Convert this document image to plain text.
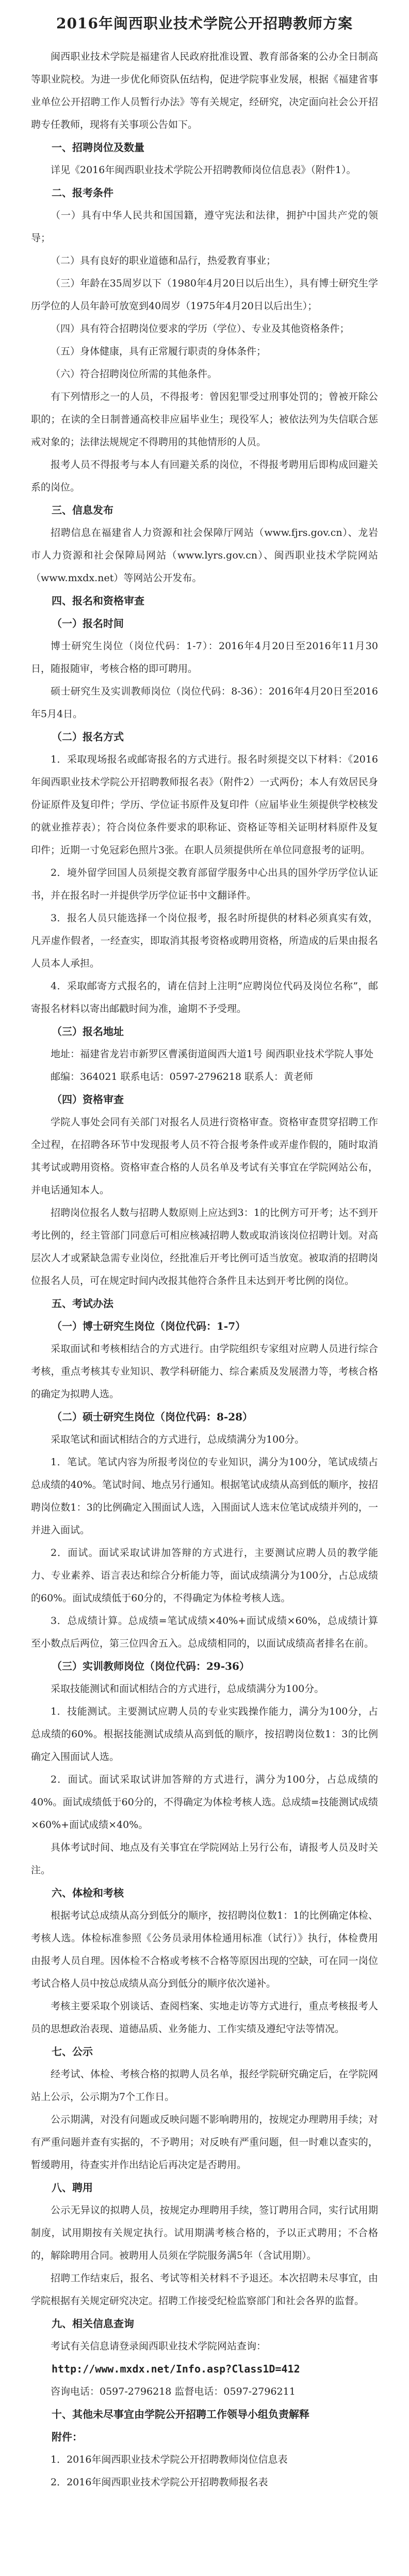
2016年闽西职业技术学院公开招聘教师方案

闽西职业技术学院是福建省人民政府批准设置、教育部备案的公办全日制高等职业院校。为进一步优化师资队伍结构，促进学院事业发展，根据《福建省事业单位公开招聘工作人员暂行办法》等有关规定，经研究，决定面向社会公开招聘专任教师，现将有关事项公告如下。

一、招聘岗位及数量

详见《2016年闽西职业技术学院公开招聘教师岗位信息表》（附件1）。

二、报考条件

（一）具有中华人民共和国国籍，遵守宪法和法律，拥护中国共产党的领导；

（二）具有良好的职业道德和品行，热爱教育事业；

（三）年龄在35周岁以下（1980年4月20日以后出生），具有博士研究生学历学位的人员年龄可放宽到40周岁（1975年4月20日以后出生）；

（四）具有符合招聘岗位要求的学历（学位）、专业及其他资格条件；

（五）身体健康，具有正常履行职责的身体条件；

（六）符合招聘岗位所需的其他条件。

有下列情形之一的人员，不得报考：曾因犯罪受过刑事处罚的；曾被开除公职的；在读的全日制普通高校非应届毕业生；现役军人；被依法列为失信联合惩戒对象的；法律法规规定不得聘用的其他情形的人员。

报考人员不得报考与本人有回避关系的岗位，不得报考聘用后即构成回避关系的岗位。

三、信息发布

招聘信息在福建省人力资源和社会保障厅网站（www.fjrs.gov.cn）、龙岩市人力资源和社会保障局网站（www.lyrs.gov.cn）、闽西职业技术学院网站（www.mxdx.net）等网站公开发布。

四、报名和资格审查

（一）报名时间

博士研究生岗位（岗位代码：1-7）：2016年4月20日至2016年11月30日，随报随审，考核合格的即可聘用。

硕士研究生及实训教师岗位（岗位代码：8-36）：2016年4月20日至2016年5月4日。

（二）报名方式

1．采取现场报名或邮寄报名的方式进行。报名时须提交以下材料：《2016年闽西职业技术学院公开招聘教师报名表》（附件2）一式两份；本人有效居民身份证原件及复印件；学历、学位证书原件及复印件（应届毕业生须提供学校核发的就业推荐表）；符合岗位条件要求的职称证、资格证等相关证明材料原件及复印件；近期一寸免冠彩色照片3张。在职人员须提供所在单位同意报考的证明。

2．境外留学回国人员须提交教育部留学服务中心出具的国外学历学位认证书，并在报名时一并提供学历学位证书中文翻译件。

3．报名人员只能选择一个岗位报考，报名时所提供的材料必须真实有效，凡弄虚作假者，一经查实，即取消其报考资格或聘用资格，所造成的后果由报名人员本人承担。

4．采取邮寄方式报名的，请在信封上注明“应聘岗位代码及岗位名称”，邮寄报名材料以寄出邮戳时间为准，逾期不予受理。

（三）报名地址

地址：福建省龙岩市新罗区曹溪街道闽西大道1号 闽西职业技术学院人事处

邮编：364021 联系电话：0597-2796218 联系人：黄老师

（四）资格审查

学院人事处会同有关部门对报名人员进行资格审查。资格审查贯穿招聘工作全过程，在招聘各环节中发现报考人员不符合报考条件或弄虚作假的，随时取消其考试或聘用资格。资格审查合格的人员名单及考试有关事宜在学院网站公布，并电话通知本人。

招聘岗位报名人数与招聘人数原则上应达到3：1的比例方可开考；达不到开考比例的，经主管部门同意后可相应核减招聘人数或取消该岗位招聘计划。对高层次人才或紧缺急需专业岗位，经批准后开考比例可适当放宽。被取消的招聘岗位报名人员，可在规定时间内改报其他符合条件且未达到开考比例的岗位。

五、考试办法

（一）博士研究生岗位（岗位代码：1-7）

采取面试和考核相结合的方式进行。由学院组织专家组对应聘人员进行综合考核，重点考核其专业知识、教学科研能力、综合素质及发展潜力等，考核合格的确定为拟聘人选。

（二）硕士研究生岗位（岗位代码：8-28）

采取笔试和面试相结合的方式进行，总成绩满分为100分。

1．笔试。笔试内容为所报考岗位的专业知识，满分为100分，笔试成绩占总成绩的40%。笔试时间、地点另行通知。根据笔试成绩从高到低的顺序，按招聘岗位数1：3的比例确定入围面试人选，入围面试人选末位笔试成绩并列的，一并进入面试。

2．面试。面试采取试讲加答辩的方式进行，主要测试应聘人员的教学能力、专业素养、语言表达和综合分析能力等，面试成绩满分为100分，占总成绩的60%。面试成绩低于60分的，不得确定为体检考核人选。

3．总成绩计算。总成绩=笔试成绩×40%+面试成绩×60%，总成绩计算至小数点后两位，第三位四舍五入。总成绩相同的，以面试成绩高者排名在前。

（三）实训教师岗位（岗位代码：29-36）

采取技能测试和面试相结合的方式进行，总成绩满分为100分。

1．技能测试。主要测试应聘人员的专业实践操作能力，满分为100分，占总成绩的60%。根据技能测试成绩从高到低的顺序，按招聘岗位数1：3的比例确定入围面试人选。

2．面试。面试采取试讲加答辩的方式进行，满分为100分，占总成绩的40%。面试成绩低于60分的，不得确定为体检考核人选。总成绩=技能测试成绩×60%+面试成绩×40%。

具体考试时间、地点及有关事宜在学院网站上另行公布，请报考人员及时关注。

六、体检和考核

根据考试总成绩从高分到低分的顺序，按招聘岗位数1：1的比例确定体检、考核人选。体检标准参照《公务员录用体检通用标准（试行）》执行，体检费用由报考人员自理。因体检不合格或考核不合格等原因出现的空缺，可在同一岗位考试合格人员中按总成绩从高分到低分的顺序依次递补。

考核主要采取个别谈话、查阅档案、实地走访等方式进行，重点考核报考人员的思想政治表现、道德品质、业务能力、工作实绩及遵纪守法等情况。

七、公示

经考试、体检、考核合格的拟聘人员名单，报经学院研究确定后，在学院网站上公示，公示期为7个工作日。

公示期满，对没有问题或反映问题不影响聘用的，按规定办理聘用手续；对有严重问题并查有实据的，不予聘用；对反映有严重问题，但一时难以查实的，暂缓聘用，待查实并作出结论后再决定是否聘用。

八、聘用

公示无异议的拟聘人员，按规定办理聘用手续，签订聘用合同，实行试用期制度，试用期按有关规定执行。试用期满考核合格的，予以正式聘用；不合格的，解除聘用合同。被聘用人员须在学院服务满5年（含试用期）。

招聘工作结束后，报名、考试等相关材料不予退还。本次招聘未尽事宜，由学院根据有关规定研究决定。招聘工作接受纪检监察部门和社会各界的监督。

九、相关信息查询

考试有关信息请登录闽西职业技术学院网站查询：

http://www.mxdx.net/Info.asp?Class1D=412

咨询电话：0597-2796218 监督电话：0597-2796211

十、其他未尽事宜由学院公开招聘工作领导小组负责解释

附件：

1．2016年闽西职业技术学院公开招聘教师岗位信息表

2．2016年闽西职业技术学院公开招聘教师报名表
